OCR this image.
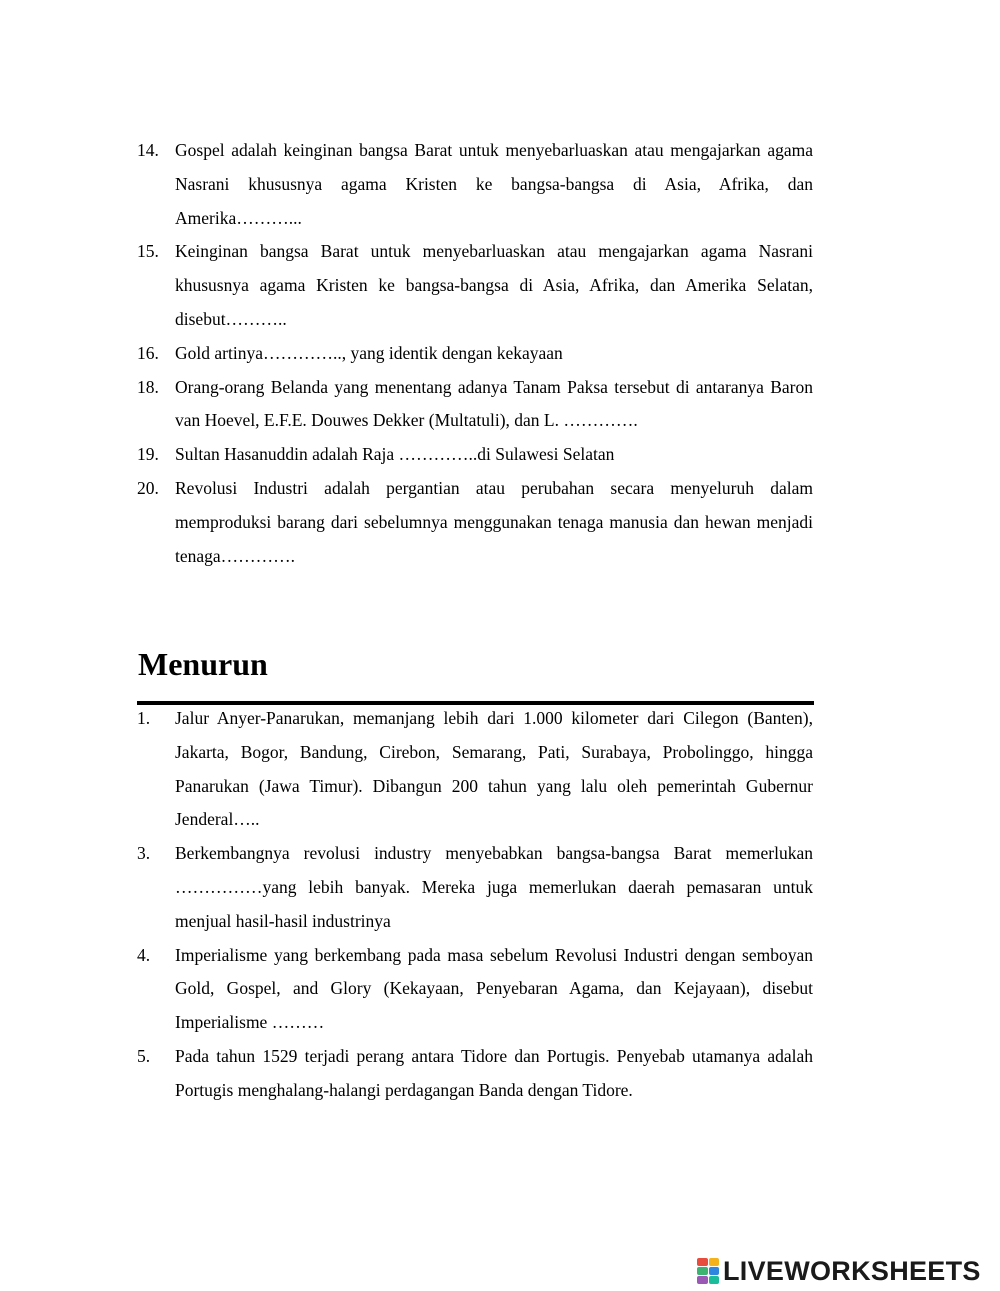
14. Gospel adalah keinginan bangsa Barat untuk menyebarluaskan atau mengajarkan agama Nasrani khususnya agama Kristen ke bangsa-bangsa di Asia, Afrika, dan Amerika………...
15. Keinginan bangsa Barat untuk menyebarluaskan atau mengajarkan agama Nasrani khususnya agama Kristen ke bangsa-bangsa di Asia, Afrika, dan Amerika Selatan, disebut………..
16. Gold artinya………….., yang identik dengan kekayaan
18. Orang-orang Belanda yang menentang adanya Tanam Paksa tersebut di antaranya Baron van Hoevel, E.F.E. Douwes Dekker (Multatuli), dan L. ………….
19. Sultan Hasanuddin adalah Raja …………..di Sulawesi Selatan
20. Revolusi Industri adalah pergantian atau perubahan secara menyeluruh dalam memproduksi barang dari sebelumnya menggunakan tenaga manusia dan hewan menjadi tenaga………….
Menurun
1.	Jalur Anyer-Panarukan, memanjang lebih dari 1.000 kilometer dari Cilegon (Banten), Jakarta, Bogor, Bandung, Cirebon, Semarang, Pati, Surabaya, Probolinggo, hingga Panarukan (Jawa Timur). Dibangun 200 tahun yang lalu oleh pemerintah Gubernur Jenderal…..
3.	Berkembangnya revolusi industry menyebabkan bangsa-bangsa Barat memerlukan ……………yang lebih banyak. Mereka juga memerlukan daerah pemasaran untuk menjual hasil-hasil industrinya
4.	Imperialisme yang berkembang pada masa sebelum Revolusi Industri dengan semboyan Gold, Gospel, and Glory (Kekayaan, Penyebaran Agama, dan Kejayaan), disebut Imperialisme ………
5.	Pada tahun 1529 terjadi perang antara Tidore dan Portugis. Penyebab utamanya adalah Portugis menghalang-halangi perdagangan Banda dengan Tidore.
LIVEWORKSHEETS
